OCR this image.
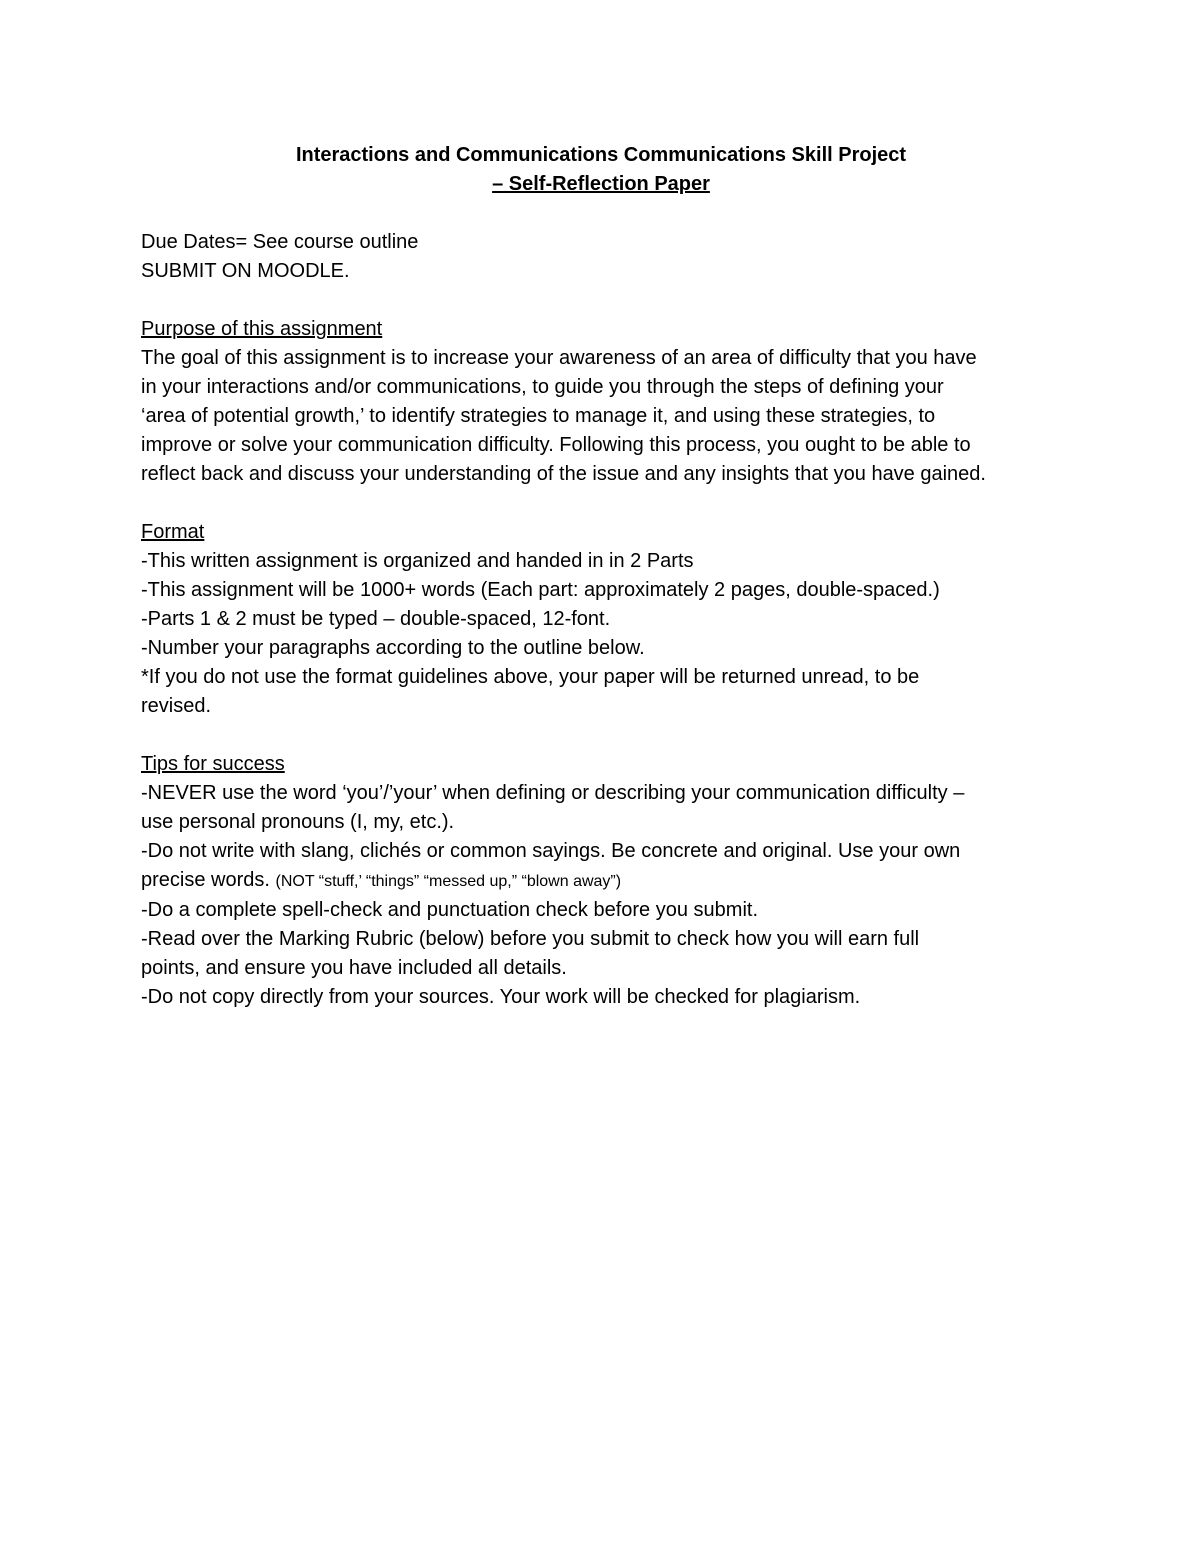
Interactions and Communications Communications Skill Project
– Self-Reflection Paper
Due Dates= See course outline
SUBMIT ON MOODLE.
Purpose of this assignment
The goal of this assignment is to increase your awareness of an area of difficulty that you have
in your interactions and/or communications, to guide you through the steps of defining your
‘area of potential growth,’ to identify strategies to manage it, and using these strategies, to
improve or solve your communication difficulty. Following this process, you ought to be able to
reflect back and discuss your understanding of the issue and any insights that you have gained.
Format
-This written assignment is organized and handed in in 2 Parts
-This assignment will be 1000+ words (Each part: approximately 2 pages, double-spaced.)
-Parts 1 & 2 must be typed – double-spaced, 12-font.
-Number your paragraphs according to the outline below.
*If you do not use the format guidelines above, your paper will be returned unread, to be
revised.
Tips for success
-NEVER use the word ‘you’/’your’ when defining or describing your communication difficulty –
use personal pronouns (I, my, etc.).
-Do not write with slang, clichés or common sayings. Be concrete and original. Use your own
precise words. (NOT “stuff,’ “things” “messed up,” “blown away”)
-Do a complete spell-check and punctuation check before you submit.
-Read over the Marking Rubric (below) before you submit to check how you will earn full
points, and ensure you have included all details.
-Do not copy directly from your sources. Your work will be checked for plagiarism.
